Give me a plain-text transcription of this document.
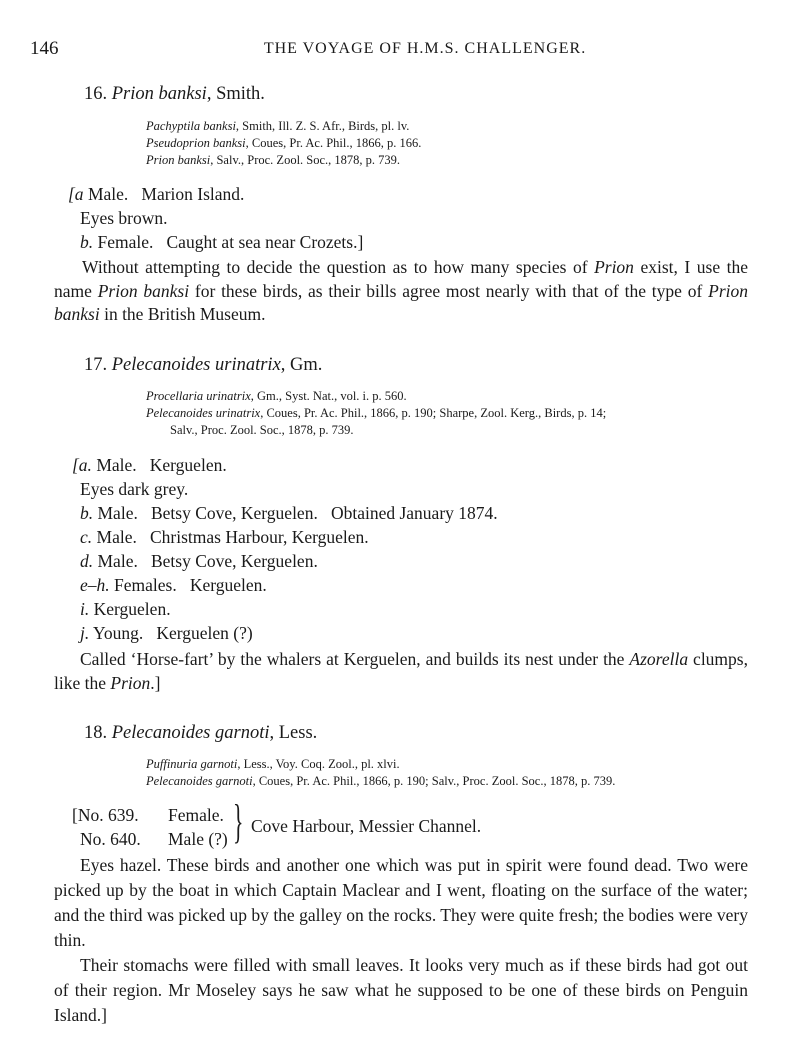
146	THE VOYAGE OF H.M.S. CHALLENGER.
16. Prion banksi, Smith.
Pachyptila banksi, Smith, Ill. Z. S. Afr., Birds, pl. lv.
Pseudoprion banksi, Coues, Pr. Ac. Phil., 1866, p. 166.
Prion banksi, Salv., Proc. Zool. Soc., 1878, p. 739.
[a Male.   Marion Island.
Eyes brown.
b. Female.   Caught at sea near Crozets.]
Without attempting to decide the question as to how many species of Prion exist, I use the name Prion banksi for these birds, as their bills agree most nearly with that of the type of Prion banksi in the British Museum.
17. Pelecanoides urinatrix, Gm.
Procellaria urinatrix, Gm., Syst. Nat., vol. i. p. 560.
Pelecanoides urinatrix, Coues, Pr. Ac. Phil., 1866, p. 190; Sharpe, Zool. Kerg., Birds, p. 14;
Salv., Proc. Zool. Soc., 1878, p. 739.
[a. Male.   Kerguelen.
Eyes dark grey.
b. Male.   Betsy Cove, Kerguelen.   Obtained January 1874.
c. Male.   Christmas Harbour, Kerguelen.
d. Male.   Betsy Cove, Kerguelen.
e–h. Females.   Kerguelen.
i. Kerguelen.
j. Young.   Kerguelen (?)
Called ‘Horse-fart’ by the whalers at Kerguelen, and builds its nest under the Azorella clumps, like the Prion.]
18. Pelecanoides garnoti, Less.
Puffinuria garnoti, Less., Voy. Coq. Zool., pl. xlvi.
Pelecanoides garnoti, Coues, Pr. Ac. Phil., 1866, p. 190; Salv., Proc. Zool. Soc., 1878, p. 739.
[No. 639. Female.
No. 640. Male (?) } Cove Harbour, Messier Channel.
Eyes hazel. These birds and another one which was put in spirit were found dead. Two were picked up by the boat in which Captain Maclear and I went, floating on the surface of the water; and the third was picked up by the galley on the rocks. They were quite fresh; the bodies were very thin.
Their stomachs were filled with small leaves. It looks very much as if these birds had got out of their region. Mr Moseley says he saw what he supposed to be one of these birds on Penguin Island.]
